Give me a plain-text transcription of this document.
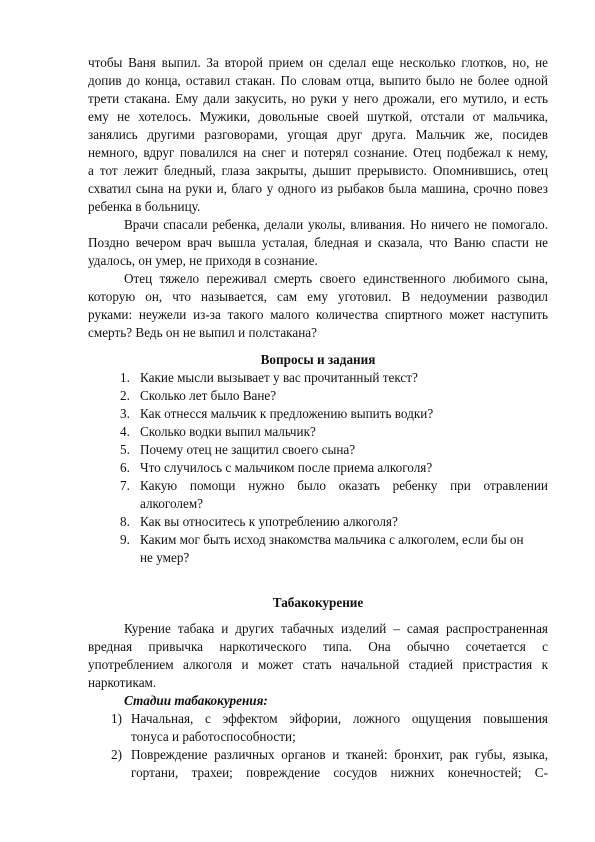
чтобы Ваня выпил. За второй прием он сделал еще несколько глотков, но, не
допив до конца, оставил стакан. По словам отца, выпито было не более одной
трети стакана. Ему дали закусить, но руки у него дрожали, его мутило, и есть
ему не хотелось. Мужики, довольные своей шуткой, отстали от мальчика,
занялись другими разговорами, угощая друг друга. Мальчик же, посидев
немного, вдруг повалился на снег и потерял сознание. Отец подбежал к нему,
а тот лежит бледный, глаза закрыты, дышит прерывисто. Опомнившись, отец
схватил сына на руки и, благо у одного из рыбаков была машина, срочно повез
ребенка в больницу.
Врачи спасали ребенка, делали уколы, вливания. Но ничего не помогало.
Поздно вечером врач вышла усталая, бледная и сказала, что Ваню спасти не
удалось, он умер, не приходя в сознание.
Отец тяжело переживал смерть своего единственного любимого сына,
которую он, что называется, сам ему уготовил. В недоумении разводил
руками: неужели из-за такого малого количества спиртного может наступить
смерть? Ведь он не выпил и полстакана?
Вопросы и задания
1. Какие мысли вызывает у вас прочитанный текст?
2. Сколько лет было Ване?
3. Как отнесся мальчик к предложению выпить водки?
4. Сколько водки выпил мальчик?
5. Почему отец не защитил своего сына?
6. Что случилось с мальчиком после приема алкоголя?
7. Какую помощи нужно было оказать ребенку при отравлении
алкоголем?
8. Как вы относитесь к употреблению алкоголя?
9. Каким мог быть исход знакомства мальчика с алкоголем, если бы он
не умер?
Табакокурение
Курение табака и других табачных изделий – самая распространенная
вредная привычка наркотического типа. Она обычно сочетается с
употреблением алкоголя и может стать начальной стадией пристрастия к
наркотикам.
Стадии табакокурения:
1) Начальная, с эффектом эйфории, ложного ощущения повышения
тонуса и работоспособности;
2) Повреждение различных органов и тканей: бронхит, рак губы, языка,
гортани, трахеи; повреждение сосудов нижних конечностей; С-
